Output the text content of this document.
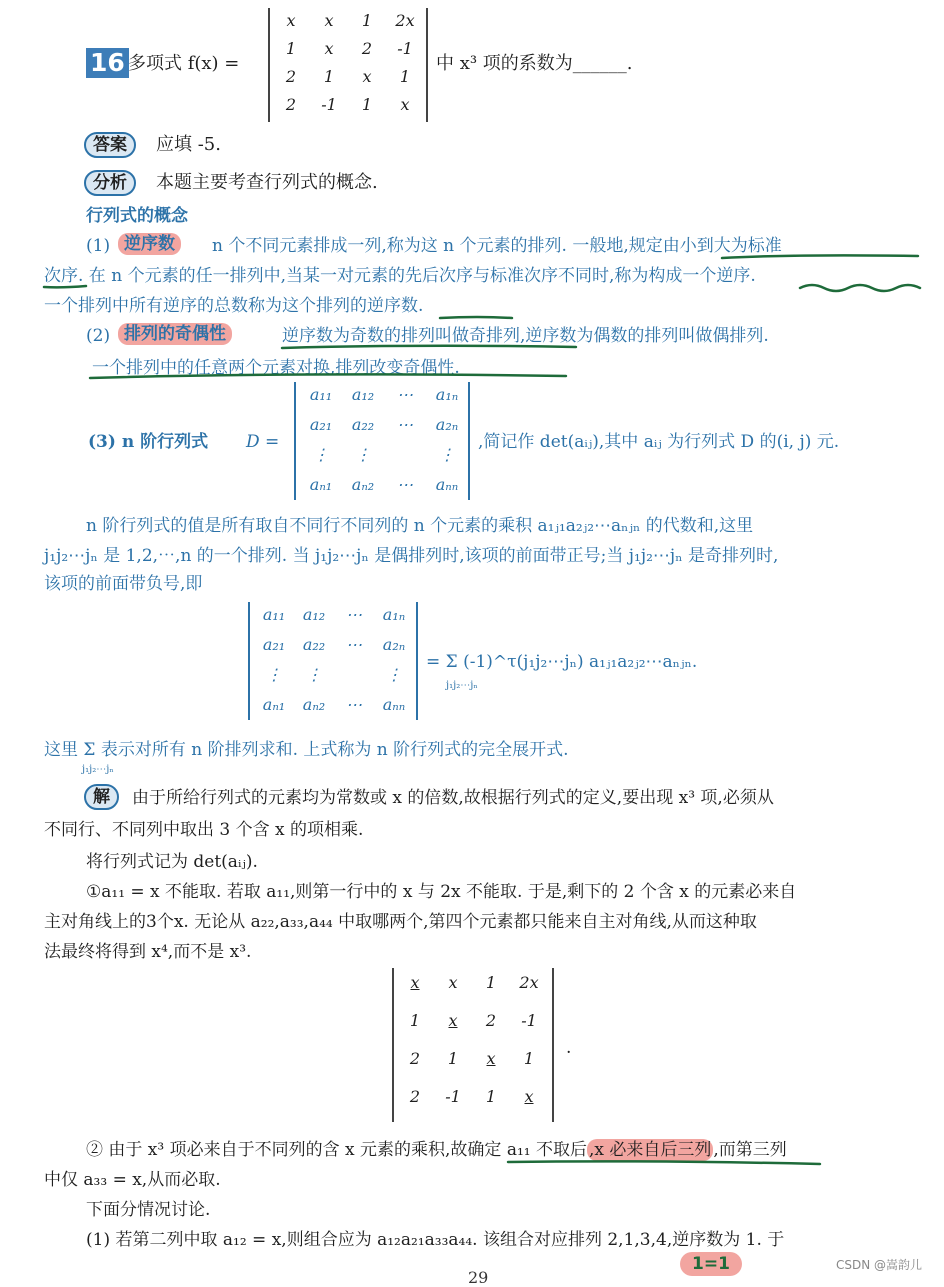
16 多项式 f(x) =
x	x	1	2x
1	x	2	-1
2	1	x	1
2	-1	1	x
中 x³ 项的系数为______.
答案	应填 -5.
分析	本题主要考查行列式的概念.
行列式的概念
(1) 逆序数	n 个不同元素排成一列,称为这 n 个元素的排列. 一般地,规定由小到大为标准
次序. 在 n 个元素的任一排列中,当某一对元素的先后次序与标准次序不同时,称为构成一个逆序.
一个排列中所有逆序的总数称为这个排列的逆序数.
(2) 排列的奇偶性	逆序数为奇数的排列叫做奇排列,逆序数为偶数的排列叫做偶排列.
一个排列中的任意两个元素对换,排列改变奇偶性.
(3) n 阶行列式 D =
a₁₁	a₁₂	⋯	a₁ₙ
a₂₁	a₂₂	⋯	a₂ₙ
⋮	⋮	⋮
aₙ₁	aₙ₂	⋯	aₙₙ
,简记作 det(aᵢⱼ),其中 aᵢⱼ 为行列式 D 的(i, j) 元.
n 阶行列式的值是所有取自不同行不同列的 n 个元素的乘积 a₁ⱼ₁a₂ⱼ₂⋯aₙⱼₙ 的代数和,这里
j₁j₂⋯jₙ 是 1,2,⋯,n 的一个排列. 当 j₁j₂⋯jₙ 是偶排列时,该项的前面带正号;当 j₁j₂⋯jₙ 是奇排列时,
该项的前面带负号,即
a₁₁	a₁₂	⋯	a₁ₙ
a₂₁	a₂₂	⋯	a₂ₙ
⋮	⋮	⋮
aₙ₁	aₙ₂	⋯	aₙₙ
= Σ (-1)^τ(j₁j₂⋯jₙ) a₁ⱼ₁a₂ⱼ₂⋯aₙⱼₙ.
j₁j₂⋯jₙ
这里 Σ 表示对所有 n 阶排列求和. 上式称为 n 阶行列式的完全展开式.
j₁j₂⋯jₙ
解	由于所给行列式的元素均为常数或 x 的倍数,故根据行列式的定义,要出现 x³ 项,必须从
不同行、不同列中取出 3 个含 x 的项相乘.
将行列式记为 det(aᵢⱼ).
①a₁₁ = x 不能取. 若取 a₁₁,则第一行中的 x 与 2x 不能取. 于是,剩下的 2 个含 x 的元素必来自
主对角线上的3个x. 无论从 a₂₂,a₃₃,a₄₄ 中取哪两个,第四个元素都只能来自主对角线,从而这种取
法最终将得到 x⁴,而不是 x³.
x	x	1	2x
1	x	2	-1
2	1	x	1
2	-1	1	x
.
② 由于 x³ 项必来自于不同列的含 x 元素的乘积,故确定 a₁₁ 不取后 ,x 必来自后三列 ,而第三列
中仅 a₃₃ = x,从而必取.
下面分情况讨论.
(1) 若第二列中取 a₁₂ = x,则组合应为 a₁₂a₂₁a₃₃a₄₄. 该组合对应排列 2,1,3,4,逆序数为 1. 于
1=1
29
CSDN @嵩韵儿
